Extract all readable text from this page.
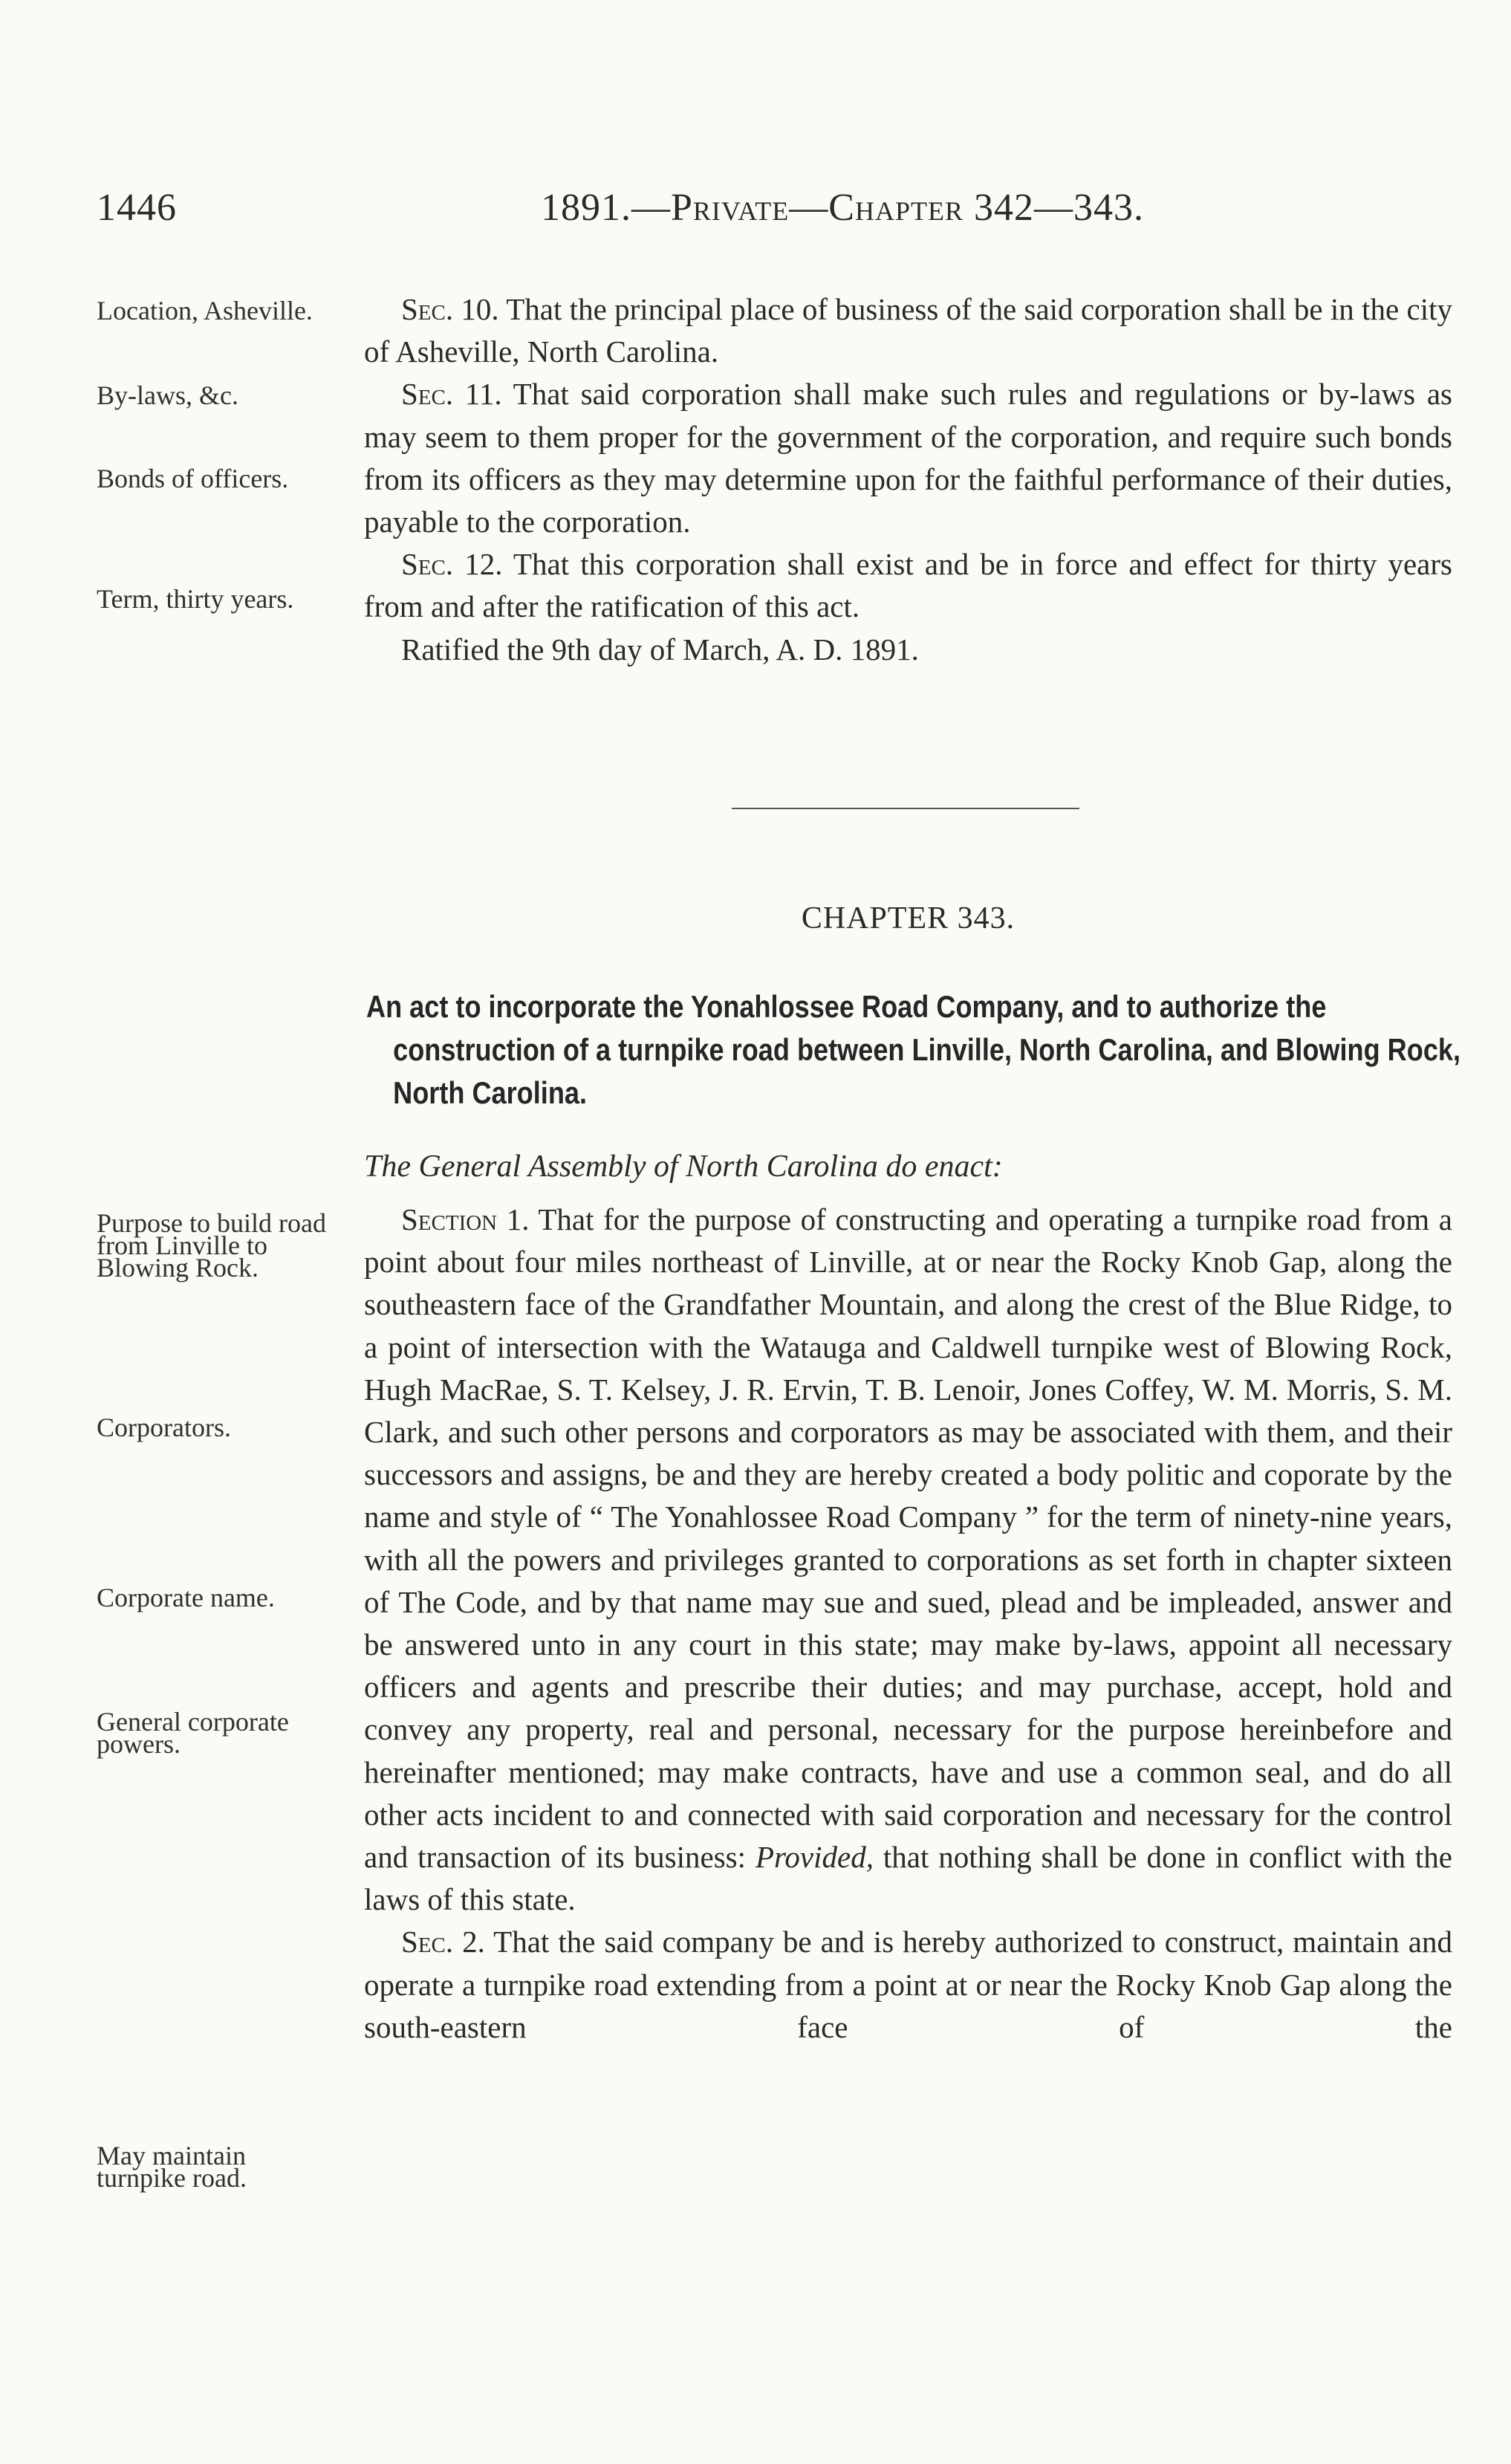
1446	1891.—Private—Chapter 342—343.
Location, Asheville.
By-laws, &c.
Bonds of officers.
Term, thirty years.
Purpose to build road from Linville to Blowing Rock.
Corporators.
Corporate name.
General corporate powers.
May maintain turnpike road.

Sec. 10. That the principal place of business of the said corporation shall be in the city of Asheville, North Carolina.

Sec. 11. That said corporation shall make such rules and regulations or by-laws as may seem to them proper for the government of the corporation, and require such bonds from its officers as they may determine upon for the faithful performance of their duties, payable to the corporation.

Sec. 12. That this corporation shall exist and be in force and effect for thirty years from and after the ratification of this act.

Ratified the 9th day of March, A. D. 1891.

CHAPTER 343.
An act to incorporate the Yonahlossee Road Company, and to authorize the construction of a turnpike road between Linville, North Carolina, and Blowing Rock, North Carolina.
The General Assembly of North Carolina do enact:

Section 1. That for the purpose of constructing and operating a turnpike road from a point about four miles northeast of Linville, at or near the Rocky Knob Gap, along the southeastern face of the Grandfather Mountain, and along the crest of the Blue Ridge, to a point of intersection with the Watauga and Caldwell turnpike west of Blowing Rock, Hugh MacRae, S. T. Kelsey, J. R. Ervin, T. B. Lenoir, Jones Coffey, W. M. Morris, S. M. Clark, and such other persons and corporators as may be associated with them, and their successors and assigns, be and they are hereby created a body politic and coporate by the name and style of “ The Yonahlossee Road Company ” for the term of ninety-nine years, with all the powers and privileges granted to corporations as set forth in chapter sixteen of The Code, and by that name may sue and sued, plead and be impleaded, answer and be answered unto in any court in this state; may make by-laws, appoint all necessary officers and agents and prescribe their duties; and may purchase, accept, hold and convey any property, real and personal, necessary for the purpose hereinbefore and hereinafter mentioned; may make contracts, have and use a common seal, and do all other acts incident to and connected with said corporation and necessary for the control and transaction of its business: Provided, that nothing shall be done in conflict with the laws of this state.

Sec. 2. That the said company be and is hereby authorized to construct, maintain and operate a turnpike road extending from a point at or near the Rocky Knob Gap along the south-eastern face of the
